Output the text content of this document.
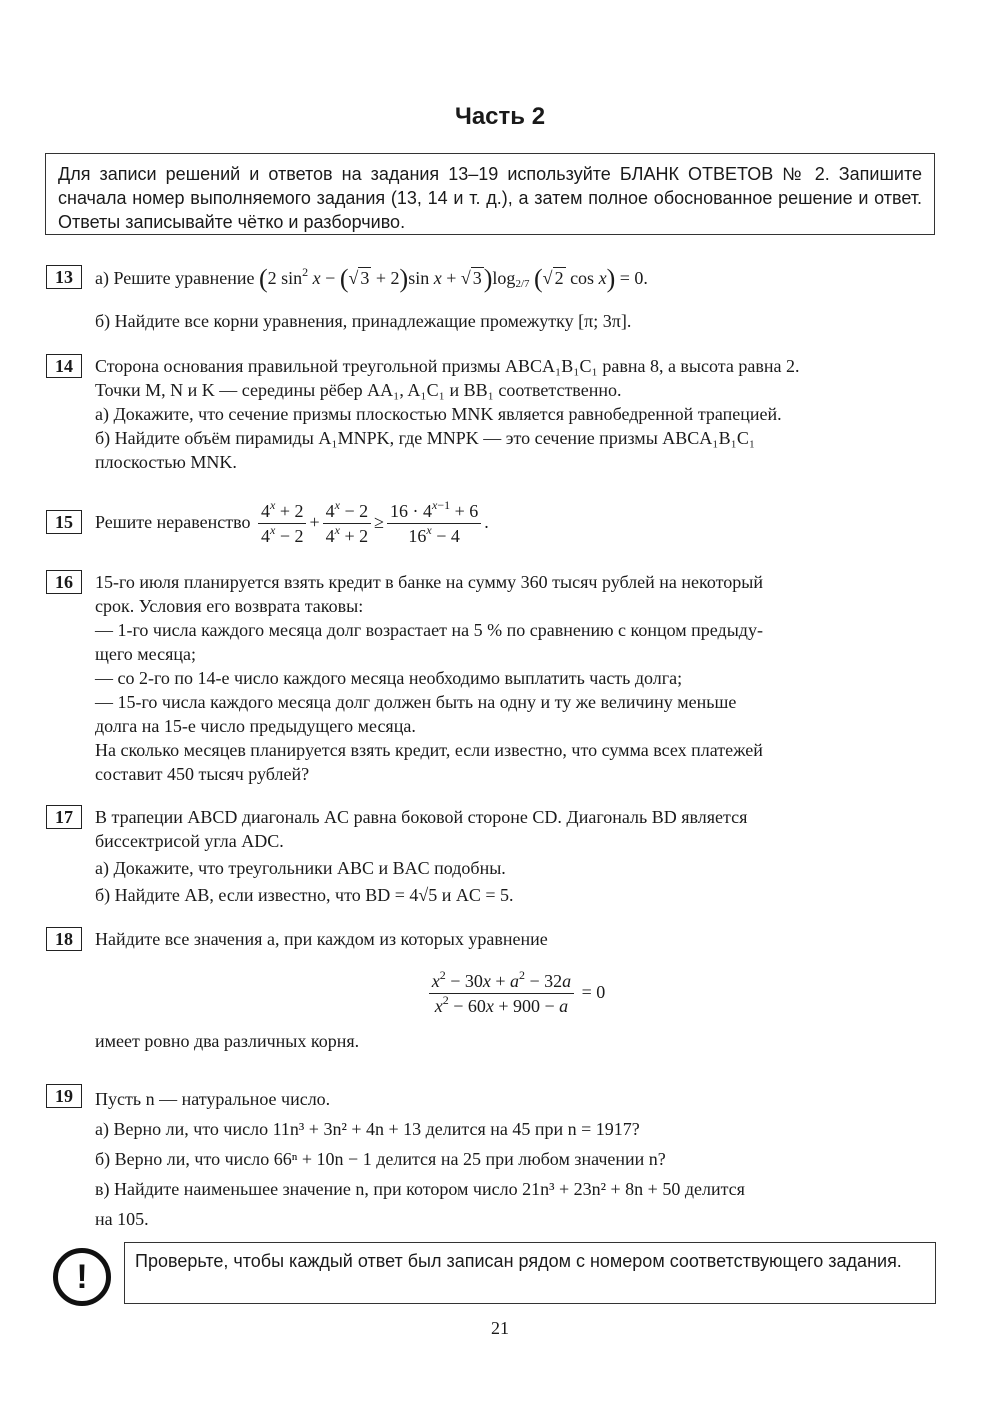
Часть 2
Для записи решений и ответов на задания 13–19 используйте БЛАНК ОТВЕТОВ № 2. Запишите сначала номер выполняемого задания (13, 14 и т. д.), а затем полное обоснованное решение и ответ. Ответы записывайте чётко и разборчиво.
13	а) Решите уравнение (2 $\sin^2 x$ − (√ 3 + 2)sin x + √ $3)\log_{2/7}$ (√ 2 cos x) = 0.
б) Найдите все корни уравнения, принадлежащие промежутку [π; 3π].
14	Сторона основания правильной треугольной призмы ABCA₁B₁C₁ равна 8, а высота равна 2.
Точки M, N и K — середины рёбер AA₁, A₁C₁ и BB₁ соответственно.
а) Докажите, что сечение призмы плоскостью MNK является равнобедренной трапецией.
б) Найдите объём пирамиды A₁MNPK, где MNPK — это сечение призмы ABCA₁B₁C₁
плоскостью MNK.
15	Решите неравенство $\frac{4^x + 2}{4^x - 2} + \frac{4^x - 2}{4^x + 2} \ge \frac{16 \cdot 4^{x-1} + 6}{16^x - 4}$ .
16	15-го июля планируется взять кредит в банке на сумму 360 тысяч рублей на некоторый
срок. Условия его возврата таковы:
— 1-го числа каждого месяца долг возрастает на 5 % по сравнению с концом предыду-
щего месяца;
— со 2-го по 14-е число каждого месяца необходимо выплатить часть долга;
— 15-го числа каждого месяца долг должен быть на одну и ту же величину меньше
долга на 15-е число предыдущего месяца.
На сколько месяцев планируется взять кредит, если известно, что сумма всех платежей
составит 450 тысяч рублей?
17	В трапеции ABCD диагональ AC равна боковой стороне CD. Диагональ BD является
биссектрисой угла ADC.
а) Докажите, что треугольники ABC и BAC подобны.
б) Найдите AB, если известно, что BD = 4√5 и AC = 5.
18	Найдите все значения a, при каждом из которых уравнение
$\frac{x^2 - 30x + a^2 - 32a}{x^2 - 60x + 900 - a} = 0$
имеет ровно два различных корня.
19	Пусть n — натуральное число.
а) Верно ли, что число 11n³ + 3n² + 4n + 13 делится на 45 при n = 1917?
б) Верно ли, что число 66ⁿ + 10n − 1 делится на 25 при любом значении n?
в) Найдите наименьшее значение n, при котором число 21n³ + 23n² + 8n + 50 делится
на 105.
!	Проверьте, чтобы каждый ответ был записан рядом с номером соответствующего задания.
21
